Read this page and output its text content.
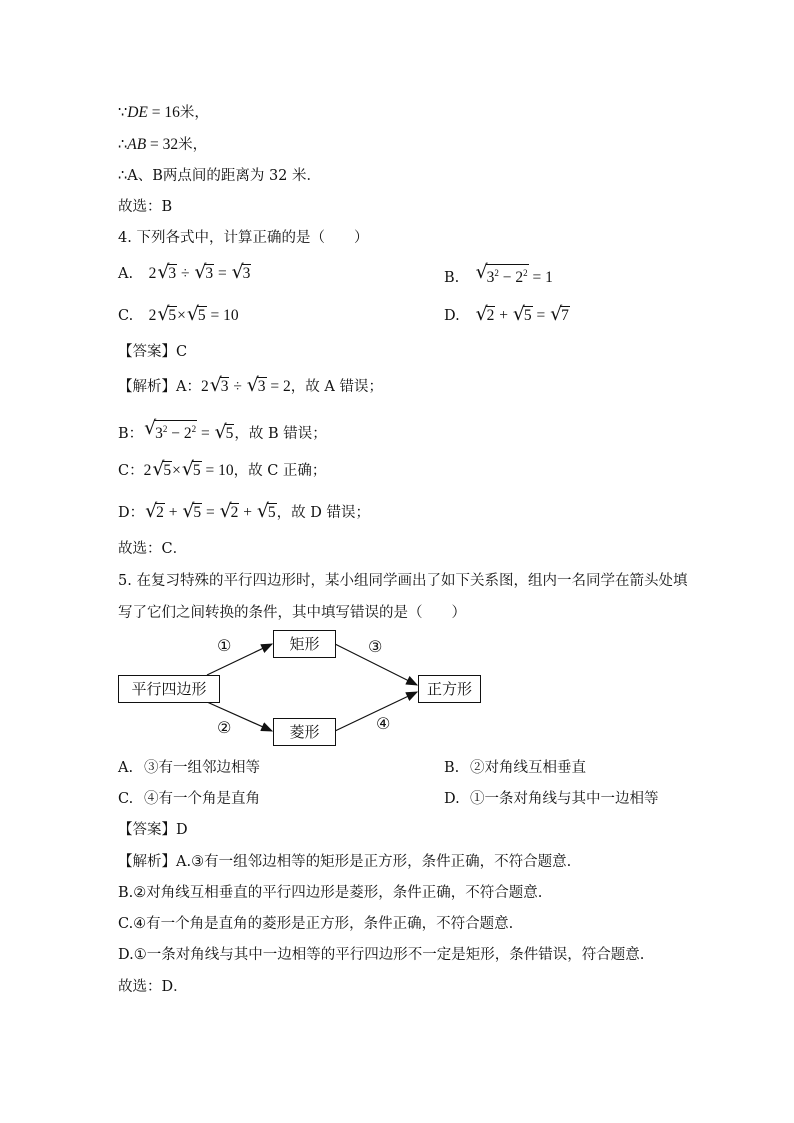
∵DE = 16米，
∴AB = 32米，
∴A、B两点间的距离为 32 米．
故选：B
4. 下列各式中，计算正确的是（　　）
A. 2 √
3 ÷ √
3 = √
3	B. √
$3^2 - 2^2 = 1$
C. 2 √
5× √
5 = 10	D. √
2 + √
5 = √
7
【答案】C
【解析】A：2 √
3 ÷ √
3 = 2，故 A 错误；
B： √
$3^2 - 2^2$ = √
5，故 B 错误；
C：2 √
5× √
5 = 10，故 C 正确；
D： √
2 + √
5 = √
2 + √
5，故 D 错误；
故选：C．
5. 在复习特殊的平行四边形时，某小组同学画出了如下关系图，组内一名同学在箭头处填
写了它们之间转换的条件，其中填写错误的是（　　）
平行四边形
矩形
菱形
正方形
①
②
③
④
A. ③有一组邻边相等	B. ②对角线互相垂直
C. ④有一个角是直角	D. ①一条对角线与其中一边相等
【答案】D
【解析】A.③有一组邻边相等的矩形是正方形，条件正确，不符合题意.
B.②对角线互相垂直的平行四边形是菱形，条件正确，不符合题意.
C.④有一个角是直角的菱形是正方形，条件正确，不符合题意.
D.①一条对角线与其中一边相等的平行四边形不一定是矩形，条件错误，符合题意.
故选：D．
